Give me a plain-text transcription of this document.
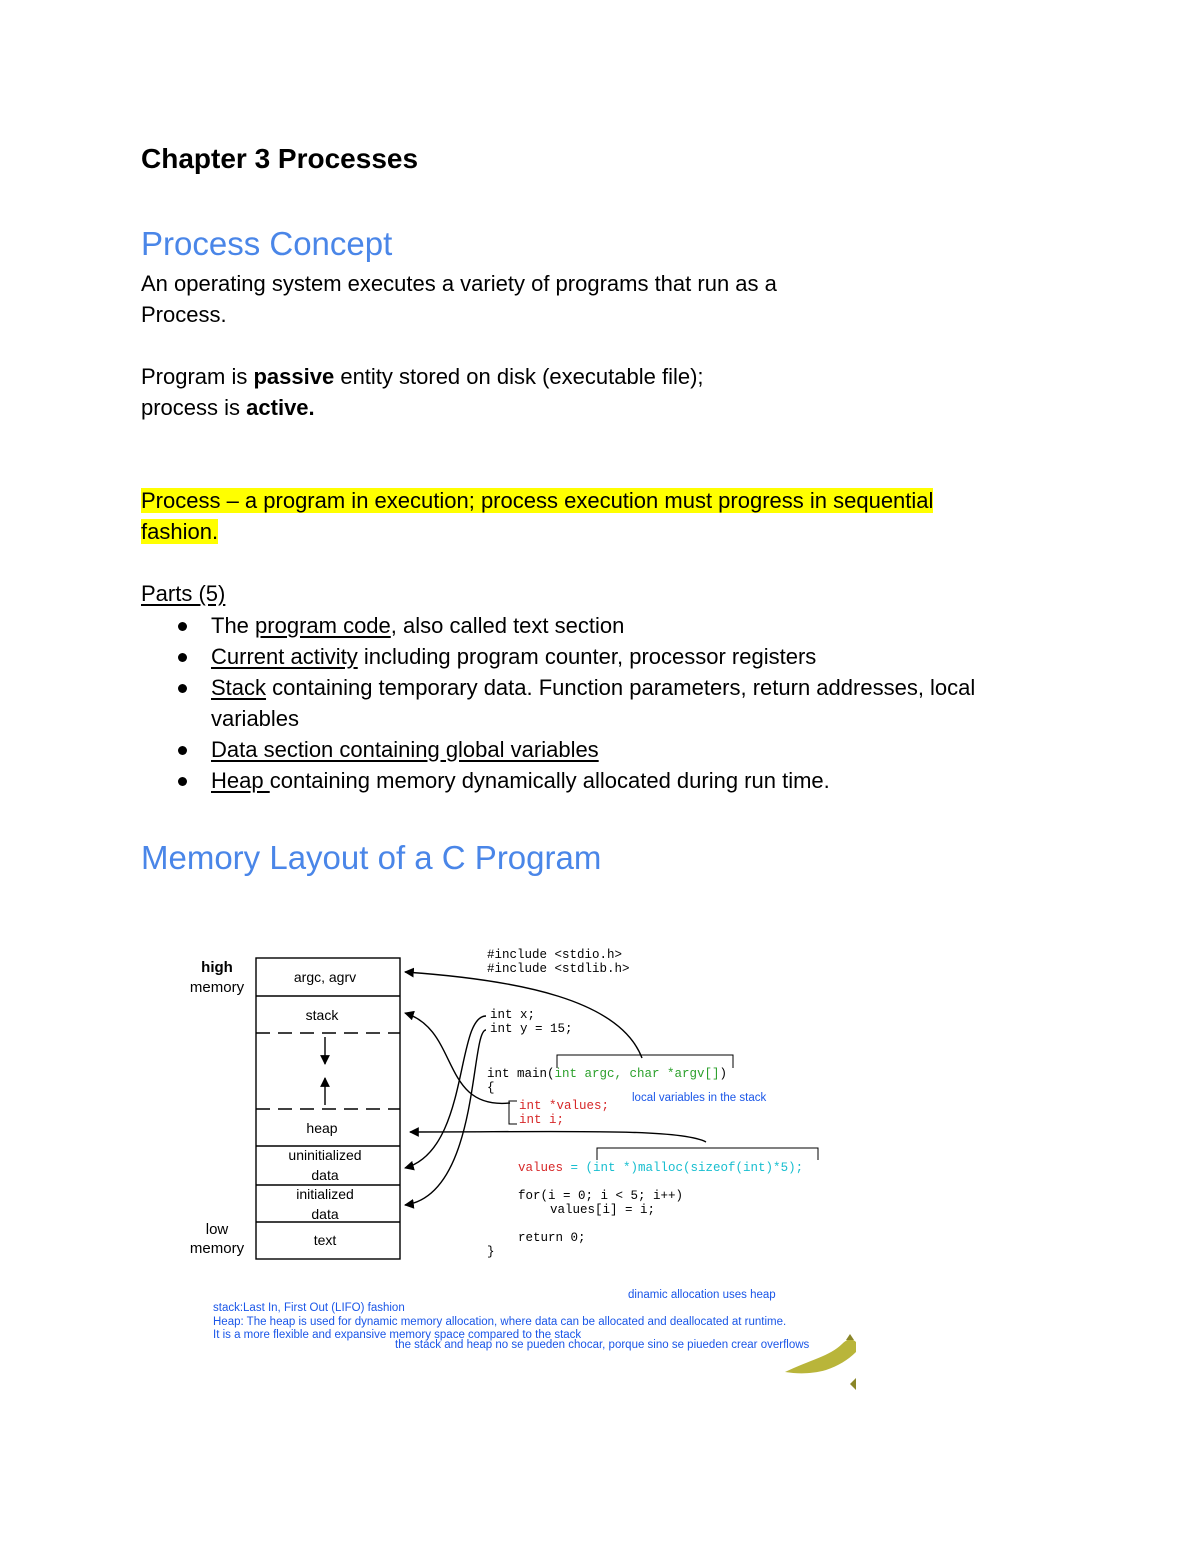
Chapter 3 Processes
Process Concept

An operating system executes a variety of programs that run as a
Process.

Program is passive entity stored on disk (executable file);
process is active.

Process – a program in execution; process execution must progress in sequential
fashion.

Parts (5)

The program code, also called text section
Current activity including program counter, processor registers
Stack containing temporary data. Function parameters, return addresses, local variables
Data section containing global variables
Heap containing memory dynamically allocated during run time.
Memory Layout of a C Program
high
memory
low
memory
argc, agrv
stack
heap
uninitialized
data
initialized
data
text
#include <stdio.h>
#include <stdlib.h>
int x;
int y = 15;
int main(int argc, char *argv[])
{
int *values;
int i;
values = (int *)malloc(sizeof(int)*5);
for(i = 0; i < 5; i++)
values[i] = i;
return 0;
}
local variables in the stack
dinamic allocation uses heap
stack:Last In, First Out (LIFO) fashion
Heap: The heap is used for dynamic memory allocation, where data can be allocated and deallocated at runtime.
It is a more flexible and expansive memory space compared to the stack
the stack and heap no se pueden chocar, porque sino se piueden crear overflows
